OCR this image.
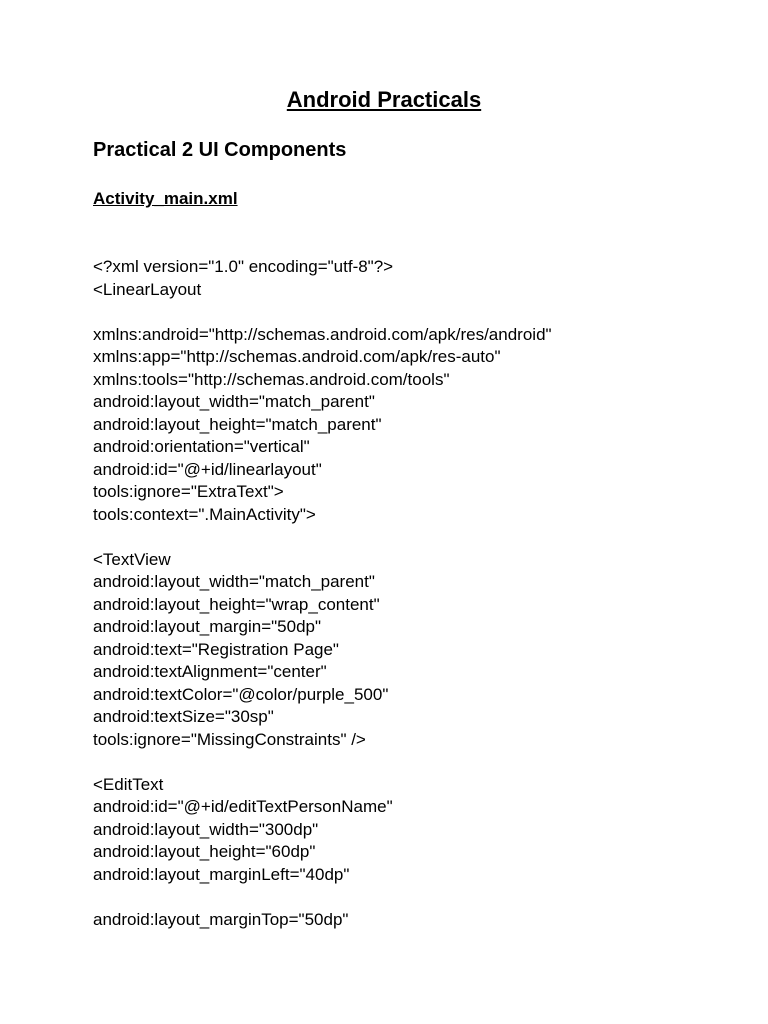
Android Practicals
Practical 2 UI Components
Activity_main.xml
<?xml version="1.0" encoding="utf-8"?>
<LinearLayout
xmlns:android="http://schemas.android.com/apk/res/android"
xmlns:app="http://schemas.android.com/apk/res-auto"
xmlns:tools="http://schemas.android.com/tools"
android:layout_width="match_parent"
android:layout_height="match_parent"
android:orientation="vertical"
android:id="@+id/linearlayout"
tools:ignore="ExtraText">
tools:context=".MainActivity">
<TextView
android:layout_width="match_parent"
android:layout_height="wrap_content"
android:layout_margin="50dp"
android:text="Registration Page"
android:textAlignment="center"
android:textColor="@color/purple_500"
android:textSize="30sp"
tools:ignore="MissingConstraints" />
<EditText
android:id="@+id/editTextPersonName"
android:layout_width="300dp"
android:layout_height="60dp"
android:layout_marginLeft="40dp"
android:layout_marginTop="50dp"
